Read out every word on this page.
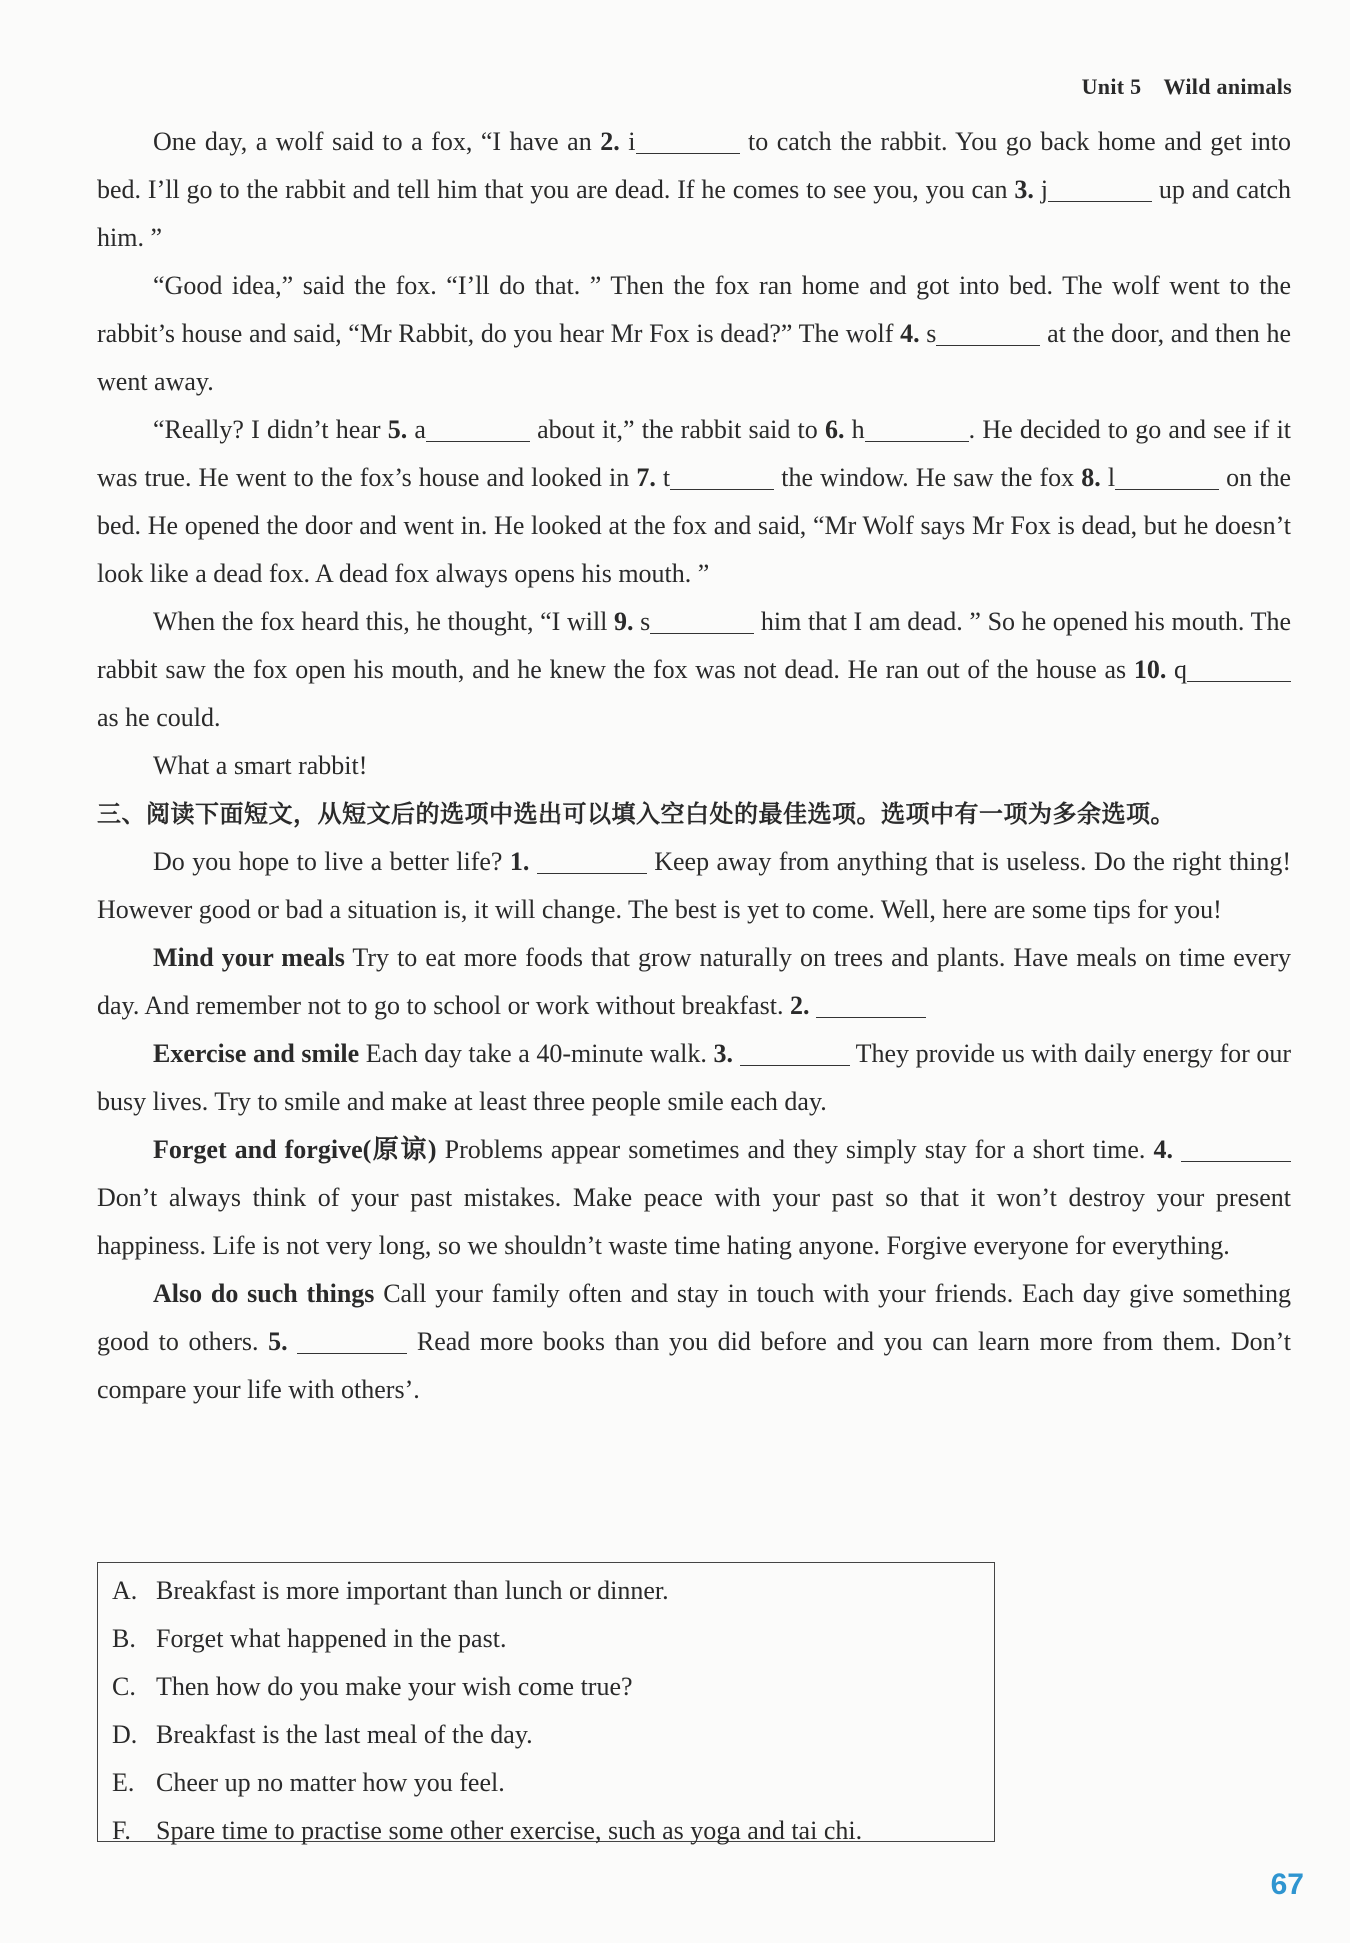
Unit 5 Wild animals

One day, a wolf said to a fox, “I have an 2. i	to catch the rabbit. You go back home and get into bed. I’ll go to the rabbit and tell him that you are dead. If he comes to see you, you can 3. j	up and catch him. ”

“Good idea,” said the fox. “I’ll do that. ” Then the fox ran home and got into bed. The wolf went to the rabbit’s house and said, “Mr Rabbit, do you hear Mr Fox is dead?” The wolf 4. s	at the door, and then he went away.

“Really? I didn’t hear 5. a	about it,” the rabbit said to 6. h	. He decided to go and see if it was true. He went to the fox’s house and looked in 7. t	the window. He saw the fox 8. l	on the bed. He opened the door and went in. He looked at the fox and said, “Mr Wolf says Mr Fox is dead, but he doesn’t look like a dead fox. A dead fox always opens his mouth. ”

When the fox heard this, he thought, “I will 9. s	him that I am dead. ” So he opened his mouth. The rabbit saw the fox open his mouth, and he knew the fox was not dead. He ran out of the house as 10. q as he could.

What a smart rabbit!

三、阅读下面短文，从短文后的选项中选出可以填入空白处的最佳选项。选项中有一项为多余选项。

Do you hope to live a better life? 1.	Keep away from anything that is useless. Do the right thing! However good or bad a situation is, it will change. The best is yet to come. Well, here are some tips for you!

Mind your meals Try to eat more foods that grow naturally on trees and plants. Have meals on time every day. And remember not to go to school or work without breakfast. 2.

Exercise and smile Each day take a 40-minute walk. 3.	They provide us with daily energy for our busy lives. Try to smile and make at least three people smile each day.

Forget and forgive(原谅) Problems appear sometimes and they simply stay for a short time. 4.  Don’t always think of your past mistakes. Make peace with your past so that it won’t destroy your present happiness. Life is not very long, so we shouldn’t waste time hating anyone. Forgive everyone for everything.

Also do such things Call your family often and stay in touch with your friends. Each day give something good to others. 5.	Read more books than you did before and you can learn more from them. Don’t compare your life with others’.

A. Breakfast is more important than lunch or dinner.
B. Forget what happened in the past.
C. Then how do you make your wish come true?
D. Breakfast is the last meal of the day.
E. Cheer up no matter how you feel.
F. Spare time to practise some other exercise, such as yoga and tai chi.
67
